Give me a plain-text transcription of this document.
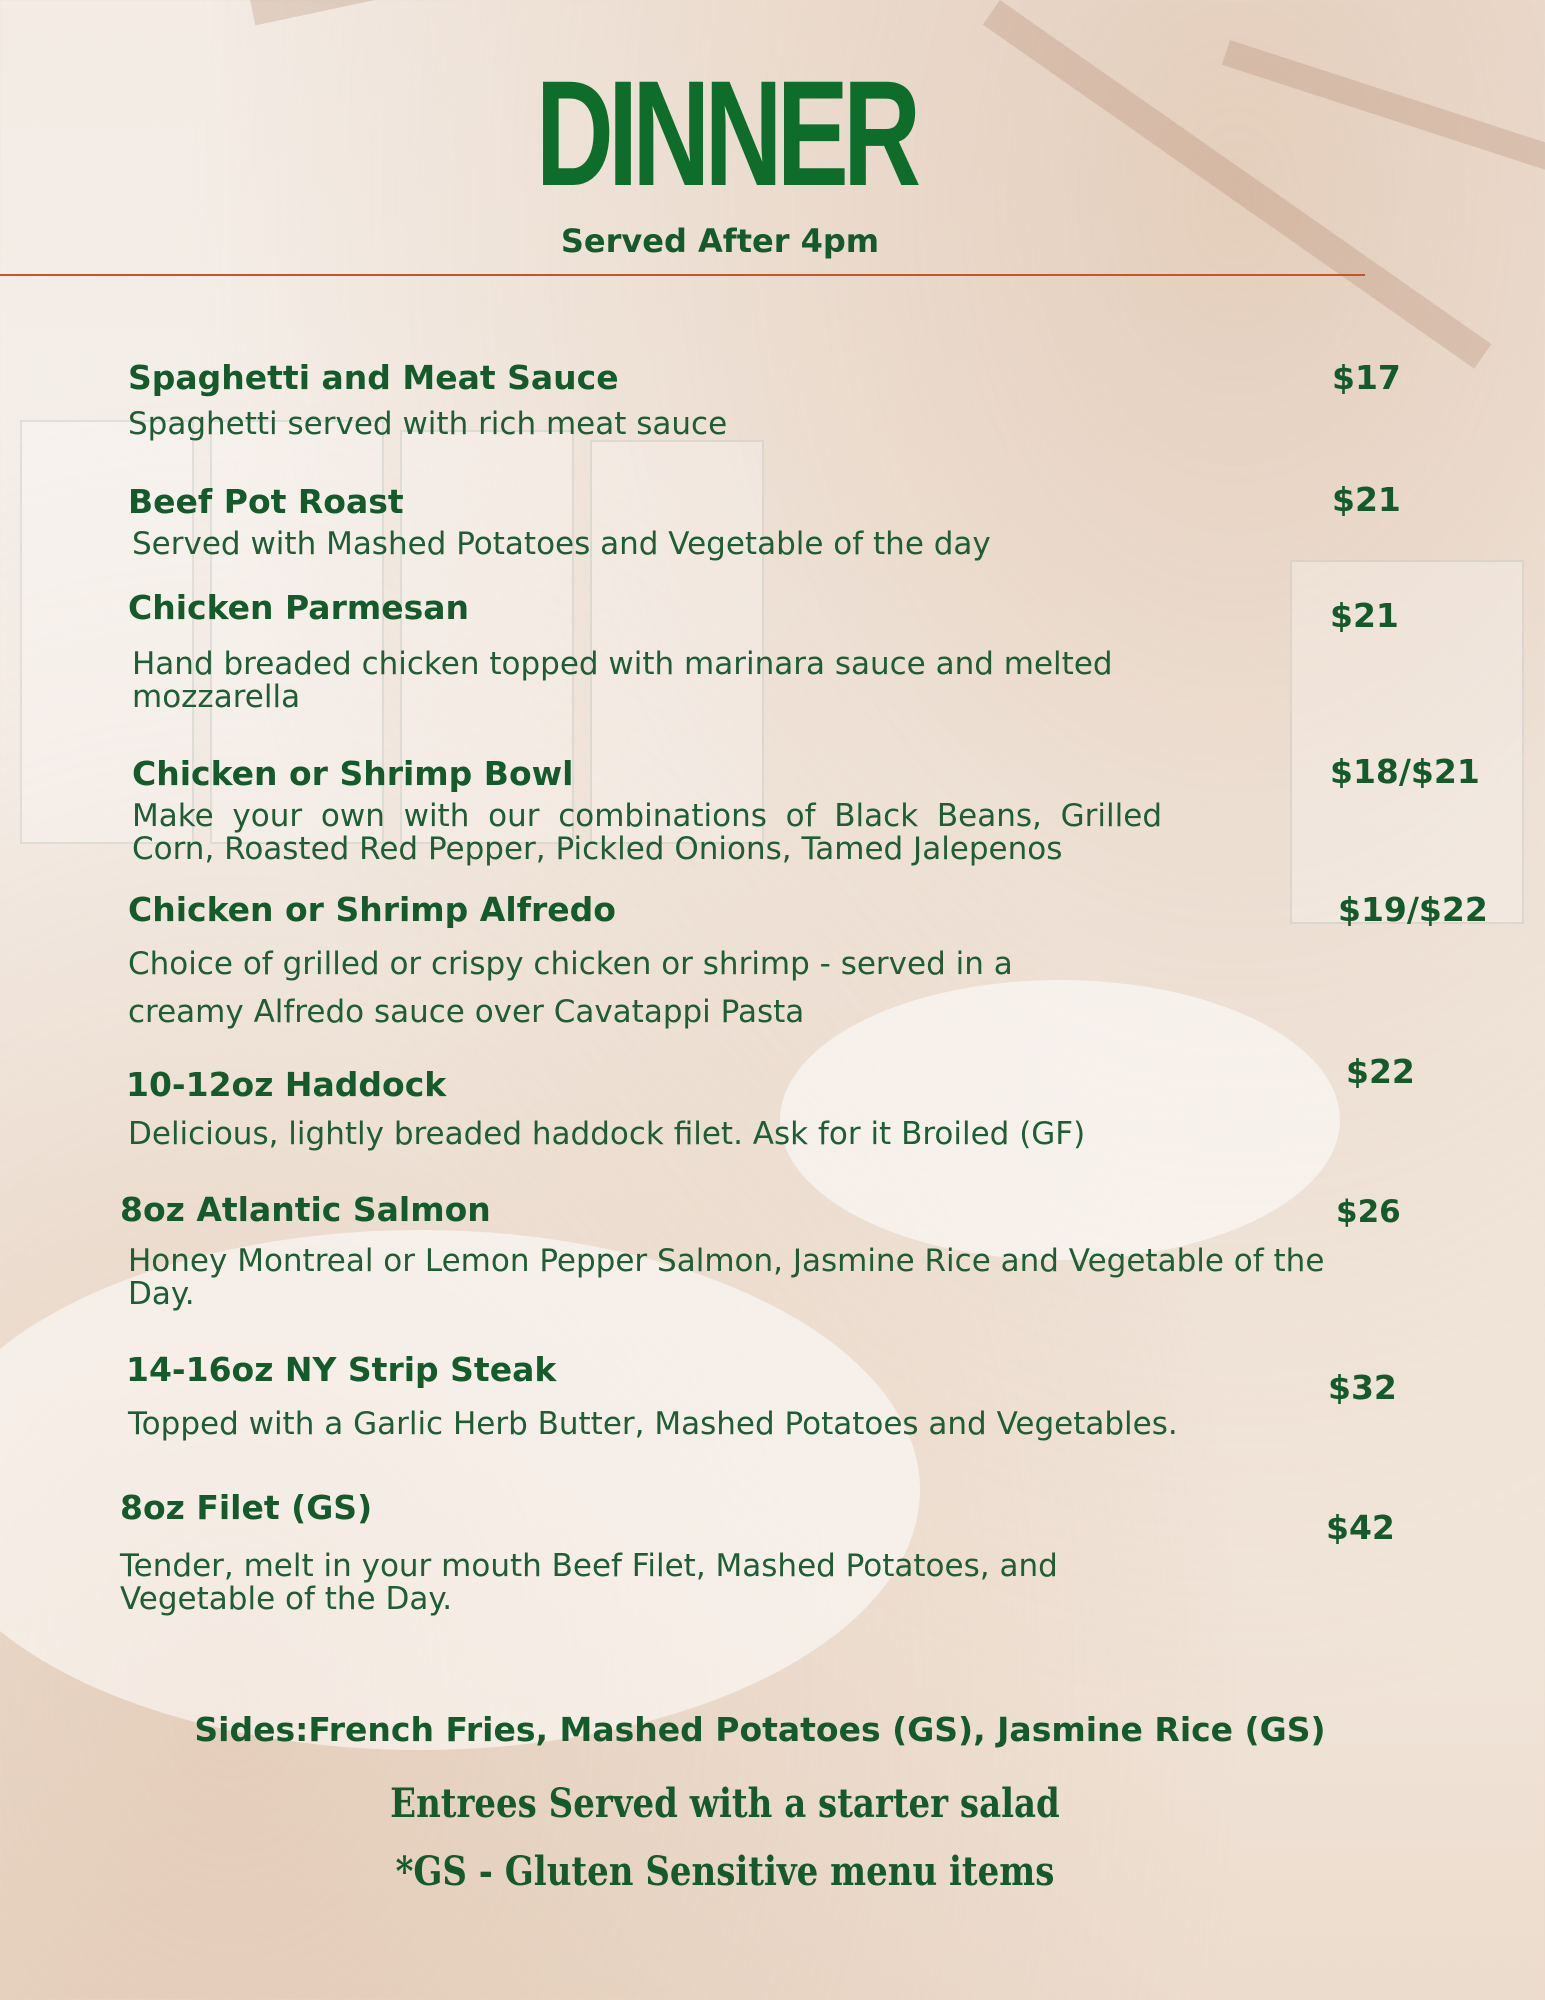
DINNER
Served After 4pm
Spaghetti and Meat Sauce
Spaghetti served with rich meat sauce
$17
Beef Pot Roast
Served with Mashed Potatoes and Vegetable of the day
$21
Chicken Parmesan
Hand breaded chicken topped with marinara sauce and melted mozzarella
$21
Chicken or Shrimp Bowl
Make your own with our combinations of Black Beans, Grilled Corn, Roasted Red Pepper, Pickled Onions, Tamed Jalepenos
$18/$21
Chicken or Shrimp Alfredo
Choice of grilled or crispy chicken or shrimp - served in a creamy Alfredo sauce over Cavatappi Pasta
$19/$22
10-12oz Haddock
Delicious, lightly breaded haddock filet. Ask for it Broiled (GF)
$22
8oz Atlantic Salmon
Honey Montreal or Lemon Pepper Salmon, Jasmine Rice and Vegetable of the Day.
$26
14-16oz NY Strip Steak
Topped with a Garlic Herb Butter, Mashed Potatoes and Vegetables.
$32
8oz Filet (GS)
Tender, melt in your mouth Beef Filet, Mashed Potatoes, and Vegetable of the Day.
$42
Sides:French Fries, Mashed Potatoes (GS), Jasmine Rice (GS)
Entrees Served with a starter salad
*GS - Gluten Sensitive menu items
